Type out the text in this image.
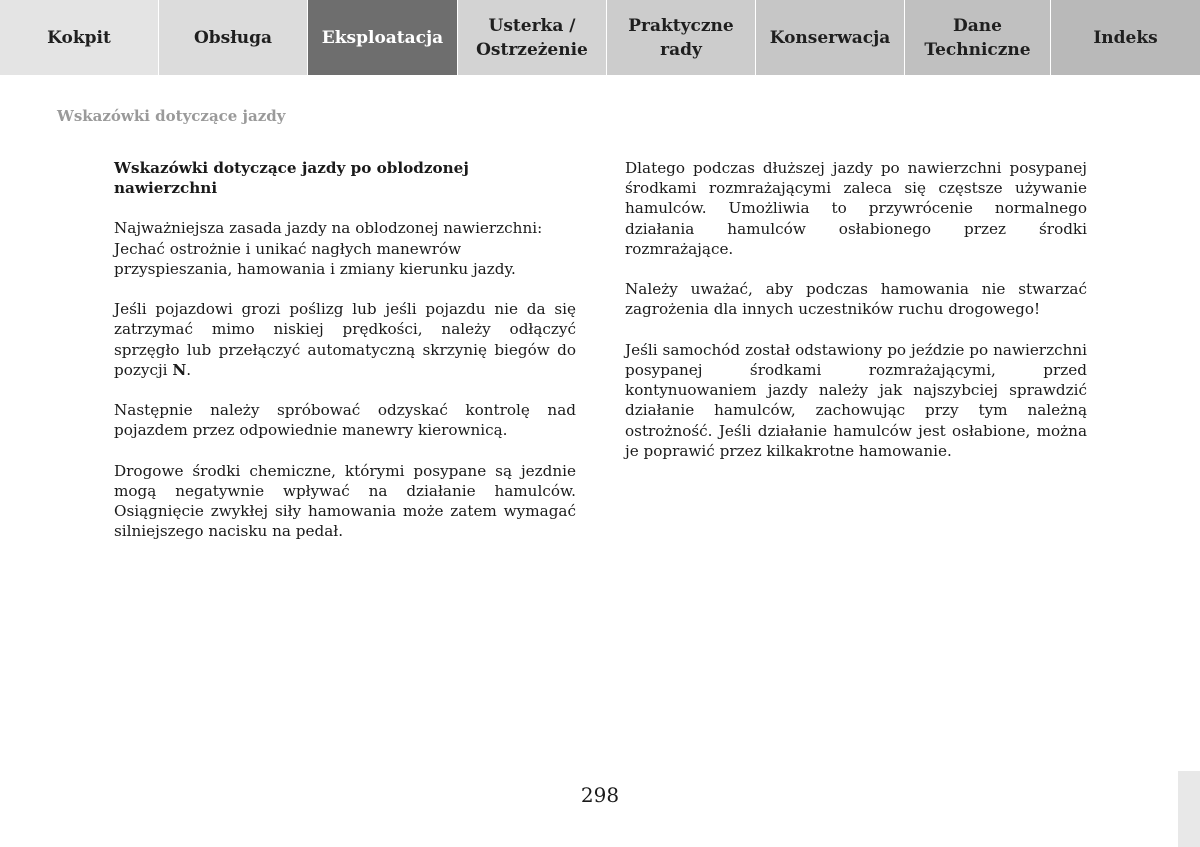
Kokpit	Obsługa	Eksploatacja
Usterka /
Ostrzeżenie
Praktyczne
rady
Konserwacja
Dane
Techniczne
Indeks
Wskazówki dotyczące jazdy
Wskazówki dotyczące jazdy po oblodzonej nawierzchni

Najważniejsza zasada jazdy na oblodzonej nawierzchni:
Jechać ostrożnie i unikać nagłych manewrów przyspieszania, hamowania i zmiany kierunku jazdy.

Jeśli pojazdowi grozi poślizg lub jeśli pojazdu nie da się zatrzymać mimo niskiej prędkości, należy odłączyć sprzęgło lub przełączyć automatyczną skrzynię biegów do pozycji N.

Następnie należy spróbować odzyskać kontrolę nad pojazdem przez odpowiednie manewry kierownicą.

Drogowe środki chemiczne, którymi posypane są jezdnie mogą negatywnie wpływać na działanie hamulców. Osiągnięcie zwykłej siły hamowania może zatem wymagać silniejszego nacisku na pedał.

Dlatego podczas dłuższej jazdy po nawierzchni posypanej środkami rozmrażającymi zaleca się częstsze używanie hamulców. Umożliwia to przywrócenie normalnego działania hamulców osłabionego przez środki rozmrażające.

Należy uważać, aby podczas hamowania nie stwarzać zagrożenia dla innych uczestników ruchu drogowego!

Jeśli samochód został odstawiony po jeździe po nawierzchni posypanej środkami rozmrażającymi, przed kontynuowaniem jazdy należy jak najszybciej sprawdzić działanie hamulców, zachowując przy tym należną ostrożność. Jeśli działanie hamulców jest osłabione, można je poprawić przez kilkakrotne hamowanie.

298
